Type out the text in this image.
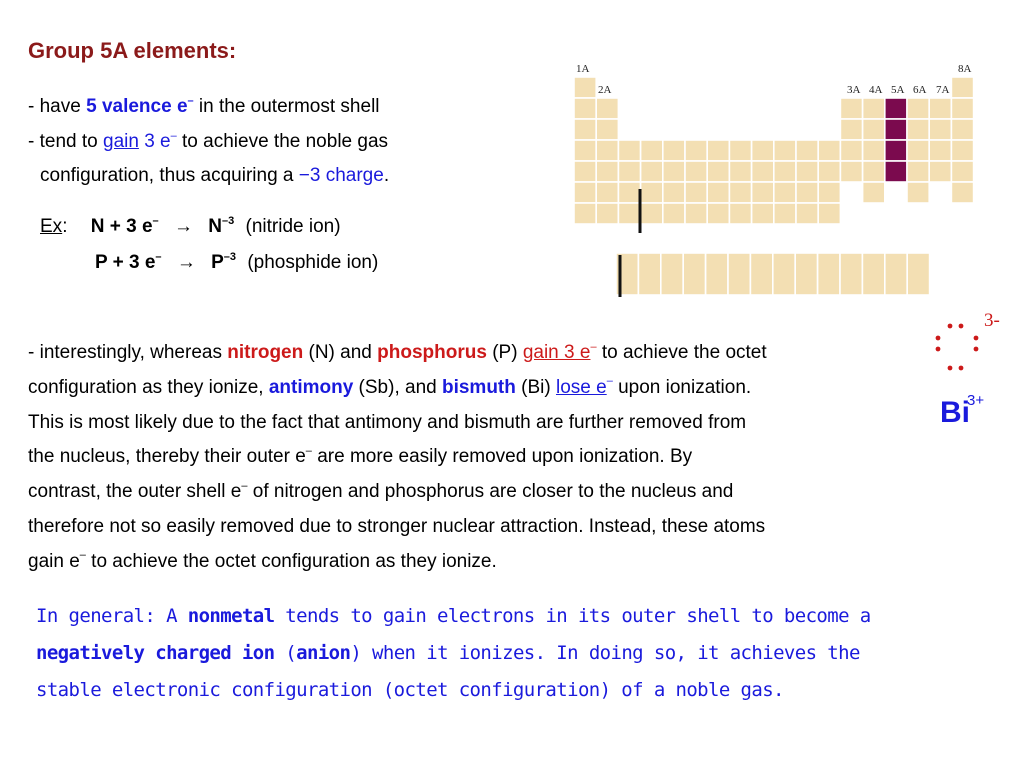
Group 5A elements:
- have 5 valence e– in the outermost shell
- tend to gain 3 e– to achieve the noble gas
configuration, thus acquiring a −3 charge.
Ex: N + 3 $e^- \to N^{-3}$ (nitride ion)
P + 3 $e^- \to P^{-3}$ (phosphide ion)
1A
2A	3A 4A 5A 6A 7A
8A
3-
Bi
3+
- interestingly, whereas nitrogen (N) and phosphorus (P) gain 3 e– to achieve the octet
configuration as they ionize, antimony (Sb), and bismuth (Bi) lose e– upon ionization.
This is most likely due to the fact that antimony and bismuth are further removed from
the nucleus, thereby their outer e– are more easily removed upon ionization. By
contrast, the outer shell e– of nitrogen and phosphorus are closer to the nucleus and
therefore not so easily removed due to stronger nuclear attraction. Instead, these atoms
gain e– to achieve the octet configuration as they ionize.
In general: A nonmetal tends to gain electrons in its outer shell to become a
negatively charged ion (anion) when it ionizes. In doing so, it achieves the
stable electronic configuration (octet configuration) of a noble gas.
